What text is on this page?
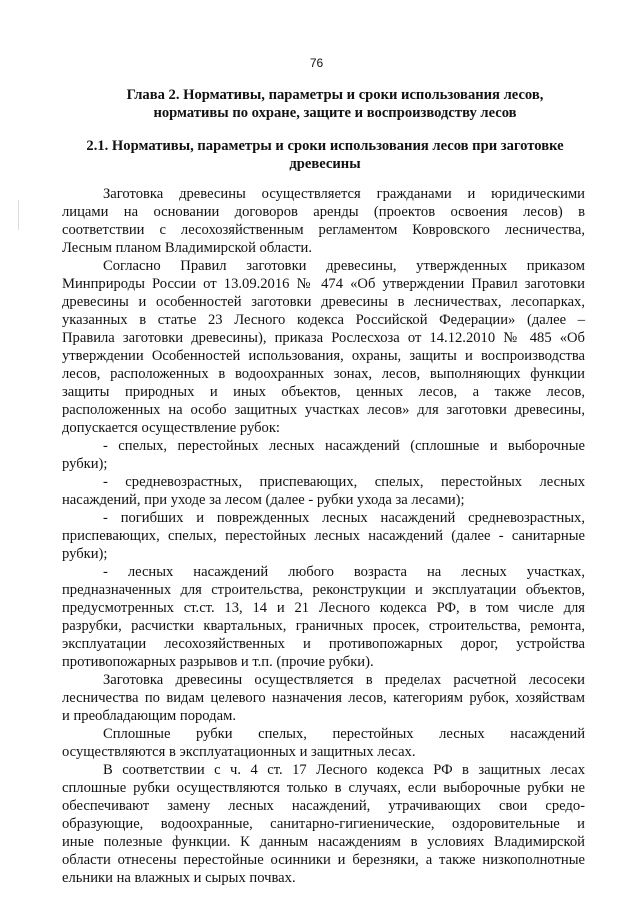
76
Глава 2. Нормативы, параметры и сроки использования лесов,
нормативы по охране, защите и воспроизводству лесов
2.1. Нормативы, параметры и сроки использования лесов при заготовке
древесины
Заготовка древесины осуществляется гражданами и юридическими
лицами на основании договоров аренды (проектов освоения лесов) в
соответствии с лесохозяйственным регламентом Ковровского лесничества,
Лесным планом Владимирской области.
Согласно Правил заготовки древесины, утвержденных приказом
Минприроды России от 13.09.2016 № 474 «Об утверждении Правил заготовки
древесины и особенностей заготовки древесины в лесничествах, лесопарках,
указанных в статье 23 Лесного кодекса Российской Федерации» (далее –
Правила заготовки древесины), приказа Рослесхоза от 14.12.2010 № 485 «Об
утверждении Особенностей использования, охраны, защиты и воспроизводства
лесов, расположенных в водоохранных зонах, лесов, выполняющих функции
защиты природных и иных объектов, ценных лесов, а также лесов,
расположенных на особо защитных участках лесов» для заготовки древесины,
допускается осуществление рубок:
- спелых, перестойных лесных насаждений (сплошные и выборочные
рубки);
- средневозрастных, приспевающих, спелых, перестойных лесных
насаждений, при уходе за лесом (далее - рубки ухода за лесами);
- погибших и поврежденных лесных насаждений средневозрастных,
приспевающих, спелых, перестойных лесных насаждений (далее - санитарные
рубки);
- лесных насаждений любого возраста на лесных участках,
предназначенных для строительства, реконструкции и эксплуатации объектов,
предусмотренных ст.ст. 13, 14 и 21 Лесного кодекса РФ, в том числе для
разрубки, расчистки квартальных, граничных просек, строительства, ремонта,
эксплуатации лесохозяйственных и противопожарных дорог, устройства
противопожарных разрывов и т.п. (прочие рубки).
Заготовка древесины осуществляется в пределах расчетной лесосеки
лесничества по видам целевого назначения лесов, категориям рубок, хозяйствам
и преобладающим породам.
Сплошные рубки спелых, перестойных лесных насаждений
осуществляются в эксплуатационных и защитных лесах.
В соответствии с ч. 4 ст. 17 Лесного кодекса РФ в защитных лесах
сплошные рубки осуществляются только в случаях, если выборочные рубки не
обеспечивают замену лесных насаждений, утрачивающих свои средо-
образующие, водоохранные, санитарно-гигиенические, оздоровительные и
иные полезные функции. К данным насаждениям в условиях Владимирской
области отнесены перестойные осинники и березняки, а также низкополнотные
ельники на влажных и сырых почвах.
